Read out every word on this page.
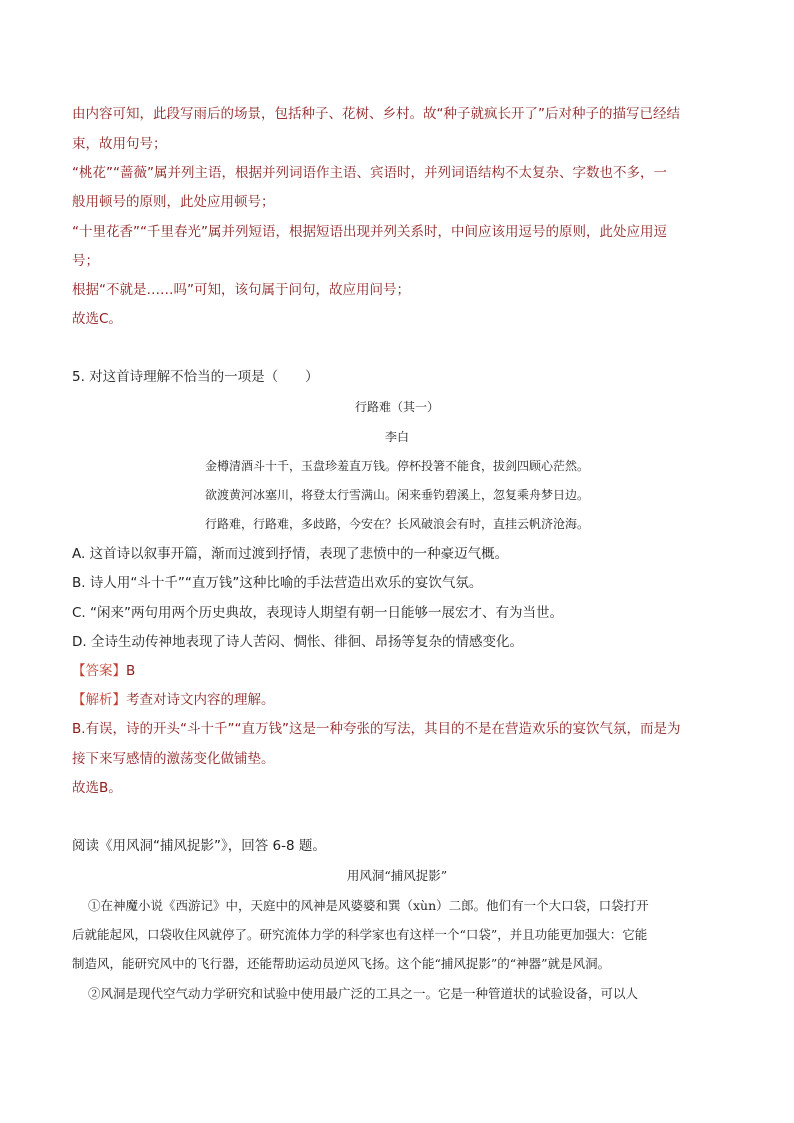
由内容可知，此段写雨后的场景，包括种子、花树、乡村。故“种子就疯长开了”后对种子的描写已经结
束，故用句号；
“桃花”“蔷薇”属并列主语，根据并列词语作主语、宾语时，并列词语结构不太复杂、字数也不多，一
般用顿号的原则，此处应用顿号；
“十里花香”“千里春光”属并列短语，根据短语出现并列关系时，中间应该用逗号的原则，此处应用逗
号；
根据“不就是……吗”可知，该句属于问句，故应用问号；
故选C。
5. 对这首诗理解不恰当的一项是（　　）
行路难（其一）
李白
金樽清酒斗十千，玉盘珍羞直万钱。停杯投箸不能食，拔剑四顾心茫然。
欲渡黄河冰塞川，将登太行雪满山。闲来垂钓碧溪上，忽复乘舟梦日边。
行路难，行路难，多歧路，今安在？长风破浪会有时，直挂云帆济沧海。
A. 这首诗以叙事开篇，渐而过渡到抒情，表现了悲愤中的一种豪迈气概。
B. 诗人用“斗十千”“直万钱”这种比喻的手法营造出欢乐的宴饮气氛。
C. “闲来”两句用两个历史典故，表现诗人期望有朝一日能够一展宏才、有为当世。
D. 全诗生动传神地表现了诗人苦闷、惆怅、徘徊、昂扬等复杂的情感变化。
【答案】B
【解析】考查对诗文内容的理解。
B.有误，诗的开头“斗十千”“直万钱”这是一种夸张的写法，其目的不是在营造欢乐的宴饮气氛，而是为
接下来写感情的激荡变化做铺垫。
故选B。
阅读《用风洞“捕风捉影”》，回答 6-8 题。
用风洞“捕风捉影”
①在神魔小说《西游记》中，天庭中的风神是风婆婆和巽（xùn）二郎。他们有一个大口袋，口袋打开
后就能起风，口袋收住风就停了。研究流体力学的科学家也有这样一个“口袋”，并且功能更加强大：它能
制造风，能研究风中的飞行器，还能帮助运动员逆风飞扬。这个能“捕风捉影”的“神器”就是风洞。
②风洞是现代空气动力学研究和试验中使用最广泛的工具之一。它是一种管道状的试验设备，可以人
